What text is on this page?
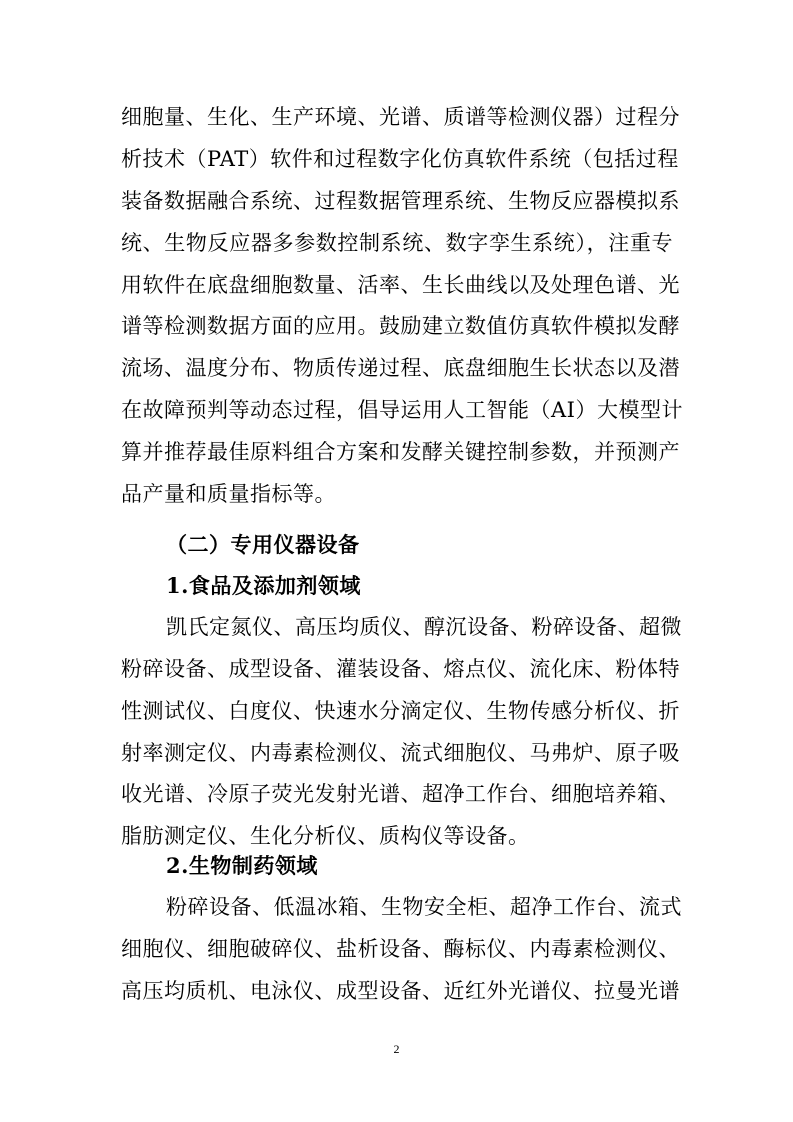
细胞量、生化、生产环境、光谱、质谱等检测仪器）过程分
析技术（PAT）软件和过程数字化仿真软件系统（包括过程
装备数据融合系统、过程数据管理系统、生物反应器模拟系
统、生物反应器多参数控制系统、数字孪生系统），注重专
用软件在底盘细胞数量、活率、生长曲线以及处理色谱、光
谱等检测数据方面的应用。鼓励建立数值仿真软件模拟发酵
流场、温度分布、物质传递过程、底盘细胞生长状态以及潜
在故障预判等动态过程，倡导运用人工智能（AI）大模型计
算并推荐最佳原料组合方案和发酵关键控制参数，并预测产
品产量和质量指标等。
（二）专用仪器设备
1.食品及添加剂领域
凯氏定氮仪、高压均质仪、醇沉设备、粉碎设备、超微
粉碎设备、成型设备、灌装设备、熔点仪、流化床、粉体特
性测试仪、白度仪、快速水分滴定仪、生物传感分析仪、折
射率测定仪、内毒素检测仪、流式细胞仪、马弗炉、原子吸
收光谱、冷原子荧光发射光谱、超净工作台、细胞培养箱、
脂肪测定仪、生化分析仪、质构仪等设备。
2.生物制药领域
粉碎设备、低温冰箱、生物安全柜、超净工作台、流式
细胞仪、细胞破碎仪、盐析设备、酶标仪、内毒素检测仪、
高压均质机、电泳仪、成型设备、近红外光谱仪、拉曼光谱
2
